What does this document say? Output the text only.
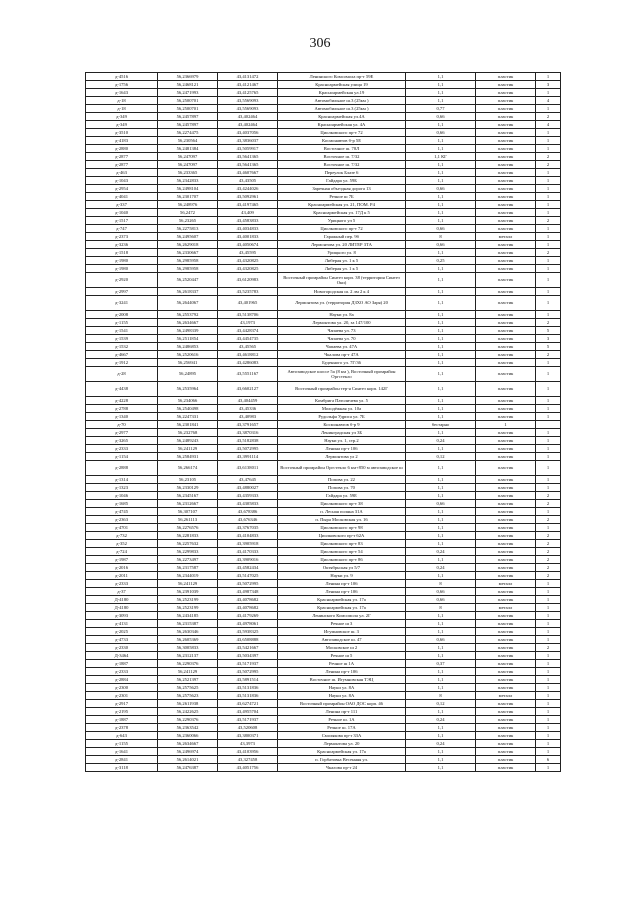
306
д-4516	56,2366979	43,4131472	Ленинского Комсомола пр-т 59Е	1,1	пластик	1
д-1756	56,2468121	43,4121467	Красноармейская улица 19	1,1	пластик	3
д-1643	56,2471993	43,4125765	Красноармейская ул.19	1,1	пластик	1
д-18	56,2500701	43,5569093	Автомобильное ш.3 (25км )	1,1	пластик	4
д-18	56,2500701	43,5569093	Автомобильное ш.3 (25км )	0,77	пластик	1
д-349	56,2457897	43,402464	Красноармейская ул.4А	0,66	пластик	2
д-349	56,2457897	43,402464	Красноармейская ул. 4А	1,1	пластик	4
д-3510	56,2274475	43,4037056	Циолковского пр-т 72	0,66	пластик	1
д-4183	56,230564	43,3836037	Космонавтов б-р 5Е	1,1	пластик	1
д-2880	56,2481384	43,5059917	Восточное ш. 78Л	1,1	пластик	1
д-2877	56,247097	43,5641365	Восточное ш. 7/32	1,1 КГ	пластик	2
д-2877	56,247097	43,5641365	Восточное ш. 7/32	1,1	пластик	2
д-463	56,233365	43,4607667	Переулок Блазе 6	1,1	пластик	1
д-1043	56,2342833	43,43505	Гайдара ул. 59Б	1,1	пластик	1
д-2954	56,2498104	43,4244026	Заречная объездная дорога 13	0,66	пластик	1
д-4041	56,2301707	43,5092961	Речное ш 7Б	1,1	пластик	1
д-337	56,248976	43,4197465	Красноармейская ул. 21, ПОМ. Р4	1,1	пластик	1
д-1040	56,2472	43,409	Красноармейская ул. 17Д к 5	1,1	пластик	1
д-1517	56,23265	43,4583833	Урицкого ул 5	1,1	пластик	2
д-747	56,2275813	43,4034833	Циолковского пр-т 72	0,66	пластик	1
д-2373	56,2495607	43,4001833	Гаражный пер. 9б	8	металл	1
д-3236	56,2629018	43,4050674	Лермонтова ул. 20 ЛИТЕР 3ТА	0,66	пластик	1
д-1518	56,2330667	43,45595	Урицкого ул. 8	1,1	пластик	2
д-1980	56,2985958	43,4320825	Либерая ул. 1 к 5	0,25	пластик	1
д-1980	56,2985958	43,4320825	Либерая ул. 1 к 5	1,1	пластик	1
д-2920	56,2520447	43,6120983	Восточный промрайон Синтез корп. 38 (территория Синтез Оки)	1,1	пластик	1
д-2997	56,2618337	43,5235783	Новогородская ш. 2 лм 2 к 4	1,1	пластик	1
д-3241	56,2644067	43,401965	Лермонтова ул. (территория ДЗХО АО Заря) 20	1,1	пластик	1
д-2008	56,2553792	43,5138706	Науки ул. 8а	1,1	пластик	1
д-1155	56,2634667	43,1973	Лермонтова ул. 20, за 147/100	1,1	пластик	2
д-1541	56,2498339	43,4428374	Чапаева ул. 73	1,1	пластик	5
д-1539	56,2511854	43,4454735	Чапаева ул. 70	1,1	пластик	3
д-1532	56,2486853	43,45565	Чапаева ул. 47А	1,1	пластик	5
д-4667	56,2520616	43,4618812	Чкалова пр-т 47А	1,1	пластик	2
д-1912	56,256941	43,4286083	Буденного ул. 7Г/36	1,1	пластик	1
д-28	56,24895	43,5551167	Автозаводское шоссе 5а (8 км ), Восточный промрайон Оргстекло	1,1	пластик	1
д-4438	56,2535964	43,6602127	Восточный промрайон тер-я Синтез корп. 142Г	1,1	пластик	1
д-4228	56,234066	43,404459	Комбрига Патоличева ул. 5	1,1	пластик	1
д-2788	56,2540498	43,45336	Молодёжная ул. 10а	1,1	пластик	1
д-1340	56,2247331	43,40983	Рудольфа Удриса ул. 7Б	1,1	пластик	1
д-70	56,2301841	43,3791657	Космонавтов б-р 9	бестарно	1	
д-2977	56,232768	43,3870316	Ленинградская ул 3Б	1,1	пластик	1
д-3265	56,2489243	43,5182838	Науки ул. 1, стр.2	0,24	пластик	1
д-2333	56,241129	43,5072995	Ленина пр-т 106	1,1	пластик	1
д-1154	56,2584931	43,3991114	Лермонтова ул 2	0,12	пластик	1
д-2888	56,266174	43,6138011	Восточный промрайон Оргстекло 6 км+850 м автозаводское ш	1,1	пластик	1
д-1314	56,23105	43,47645	Попова ул. 22	1,1	пластик	1
д-1323	56,2330129	43,4880027	Попова ул. 70	1,1	пластик	1
д-1046	56,2345167	43,4359333	Гайдара ул. 59Е	1,1	пластик	2
д-1685	56,2312667	43,4305833	Циолковского пр-т 38	0,66	пластик	2
д-4745	56,307107	43,678386	п. Лесная поляна 31А	1,1	пластик	1
д-2363	56,261113	43,676346	п. Пыра Московская ул. 16	1,1	пластик	2
д-4701	56,2276576	43,3767035	Циолковского пр-т 98	1,1	пластик	1
д-732	56,2281833	43,4104833	Циолковского пр-т 62А	1,1	пластик	2
д-352	56,2257632	43,3905918	Циолковского пр-т 83	1,1	пластик	2
д-724	56,2299833	43,4170333	Циолковского пр-т 54	0,24	пластик	2
д-1987	56,2273497	43,3909016	Циолковского пр-т 86	1,1	пластик	2
д-2016	56,2317587	43,4582434	Октябрьская ул 5/7	0,24	пластик	2
д-2011	56,2344019	43,5147025	Науки ул. 9	1,1	пластик	2
д-2333	56,241129	43,5072995	Ленина пр-т 106	8	металл	1
д-37	56,2391039	43,4987348	Ленина пр-т 106	0,66	пластик	1
Д-4180	56,2523199	43,4078682	Красноармейская ул. 17а	0,66	пластик	1
Д-4180	56,2523199	43,4078682	Красноармейская ул. 17а	8	металл	1
д-3093	56,2434185	43,4179269	Ленинского Комсомола ул. 2Г	1,1	пластик	1
д-4131	56,2315387	43,4978061	Речное ш 3	1,1	пластик	1
д-2025	56,2630346	43,5938325	Игумновское ш. 3	1,1	пластик	1
д-4733	56,2605369	43,6508888	Автозаводское ш. 47	0,66	пластик	1
д-2330	56,3005833	43,5421667	Московское ш 2	1,1	пластик	2
Д-3464	56,2312137	43,5034397	Речное ш 5	1,1	пластик	1
д-1887	56,2290376	43,5171937	Речное ш 1А	0,37	пластик	1
д-2333	56,241129	43,5072995	Ленина пр-т 106	1,1	пластик	1
д-2884	56,2521397	43,5891514	Восточное ш. Игумновская ТЭЦ	1,1	пластик	1
д-2300	56,2575625	43,5131836	Науки ул. 8А	1,1	пластик	1
д-2301	56,2575623	43,5131836	Науки ул. 8А	8	металл	1
д-2917	56,2611938	43,6274721	Восточный промрайон ОАО ДОС корп. 46	0,12	пластик	1
д-2195	56,2422625	43,4955704	Ленина пр-т 111	1,1	пластик	1
д-1887	56,2290376	43,5171937	Речное ш. 1А	0,24	пластик	1
д-2378	56,2363542	43,520608	Речное ш. 17А	1,1	пластик	1
д-643	56,2360066	43,3800371	Смолякова пр-т 33А	1,1	пластик	1
д-1155	56,2634667	43,3973	Лермонтова ул. 20	0,24	пластик	1
д-1641	56,2496974	43,4103956	Красноармейская ул. 17а	1,1	пластик	1
д-2841	56,2614021	43,327458	п. Горбатовка Весенняя ул.	1,1	пластик	6
д-3118	56,2476387	43,4051756	Чкалова пр-т 24	1,1	пластик	1
